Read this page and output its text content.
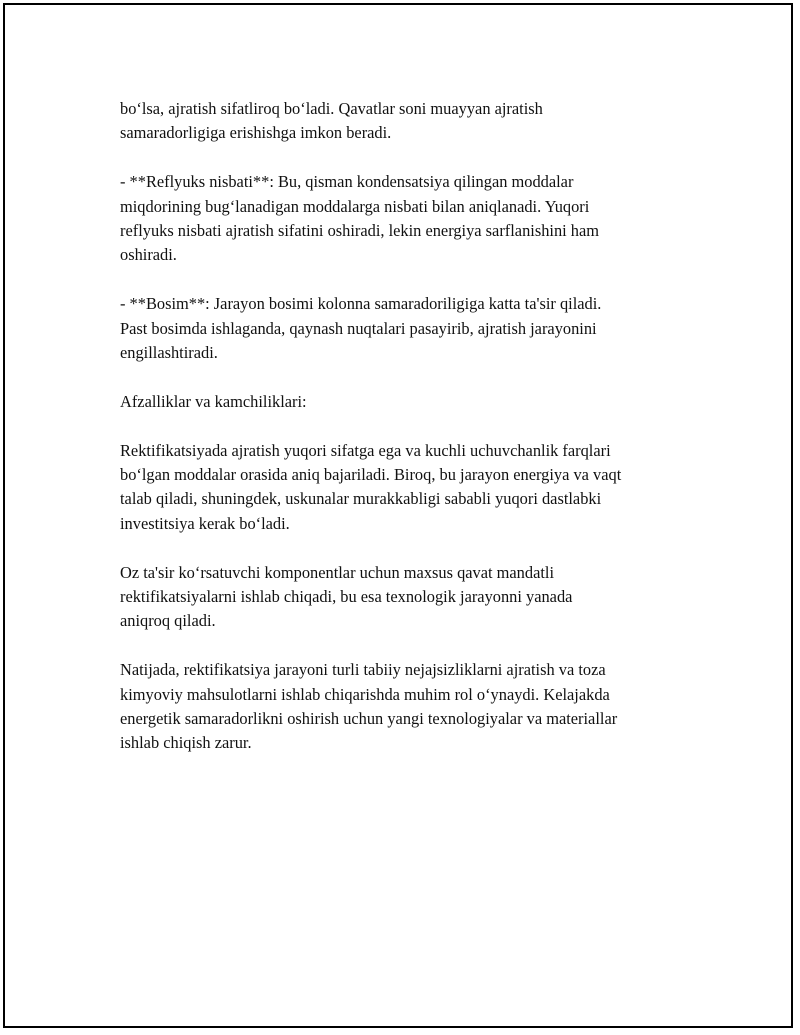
bo‘lsa, ajratish sifatliroq bo‘ladi. Qavatlar soni muayyan ajratish
samaradorligiga erishishga imkon beradi.

- **Reflyuks nisbati**: Bu, qisman kondensatsiya qilingan moddalar
miqdorining bug‘lanadigan moddalarga nisbati bilan aniqlanadi. Yuqori
reflyuks nisbati ajratish sifatini oshiradi, lekin energiya sarflanishini ham
oshiradi.

- **Bosim**: Jarayon bosimi kolonna samaradoriligiga katta ta'sir qiladi.
Past bosimda ishlaganda, qaynash nuqtalari pasayirib, ajratish jarayonini
engillashtiradi.

Afzalliklar va kamchiliklari:

Rektifikatsiyada ajratish yuqori sifatga ega va kuchli uchuvchanlik farqlari
bo‘lgan moddalar orasida aniq bajariladi. Biroq, bu jarayon energiya va vaqt
talab qiladi, shuningdek, uskunalar murakkabligi sababli yuqori dastlabki
investitsiya kerak bo‘ladi.

Oz ta'sir ko‘rsatuvchi komponentlar uchun maxsus qavat mandatli
rektifikatsiyalarni ishlab chiqadi, bu esa texnologik jarayonni yanada
aniqroq qiladi.

Natijada, rektifikatsiya jarayoni turli tabiiy nejajsizliklarni ajratish va toza
kimyoviy mahsulotlarni ishlab chiqarishda muhim rol o‘ynaydi. Kelajakda
energetik samaradorlikni oshirish uchun yangi texnologiyalar va materiallar
ishlab chiqish zarur.
